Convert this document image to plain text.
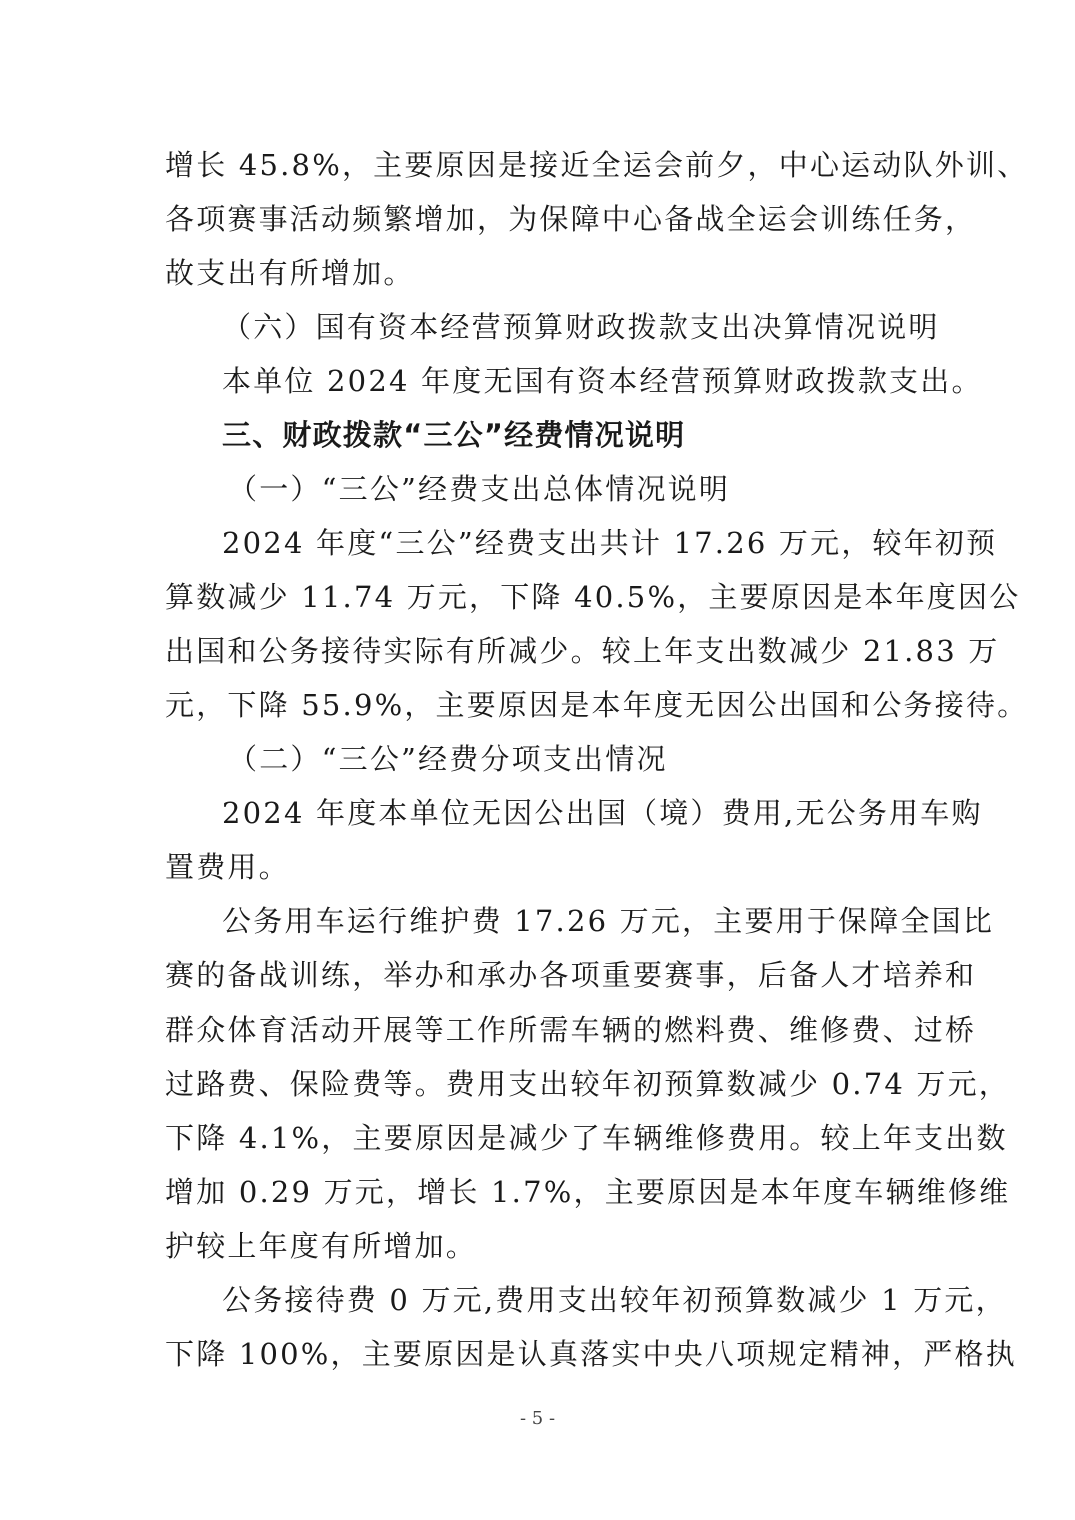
增长 45.8%，主要原因是接近全运会前夕，中心运动队外训、
各项赛事活动频繁增加，为保障中心备战全运会训练任务，
故支出有所增加。
（六）国有资本经营预算财政拨款支出决算情况说明
本单位 2024 年度无国有资本经营预算财政拨款支出。
三、财政拨款“三公”经费情况说明
（一）“三公”经费支出总体情况说明
2024 年度“三公”经费支出共计 17.26 万元，较年初预
算数减少 11.74 万元，下降 40.5%，主要原因是本年度因公
出国和公务接待实际有所减少。较上年支出数减少 21.83 万
元，下降 55.9%，主要原因是本年度无因公出国和公务接待。
（二）“三公”经费分项支出情况
2024 年度本单位无因公出国（境）费用,无公务用车购
置费用。
公务用车运行维护费 17.26 万元，主要用于保障全国比
赛的备战训练，举办和承办各项重要赛事，后备人才培养和
群众体育活动开展等工作所需车辆的燃料费、维修费、过桥
过路费、保险费等。费用支出较年初预算数减少 0.74 万元，
下降 4.1%，主要原因是减少了车辆维修费用。较上年支出数
增加 0.29 万元，增长 1.7%，主要原因是本年度车辆维修维
护较上年度有所增加。
公务接待费 0 万元,费用支出较年初预算数减少 1 万元，
下降 100%，主要原因是认真落实中央八项规定精神，严格执
- 5 -
